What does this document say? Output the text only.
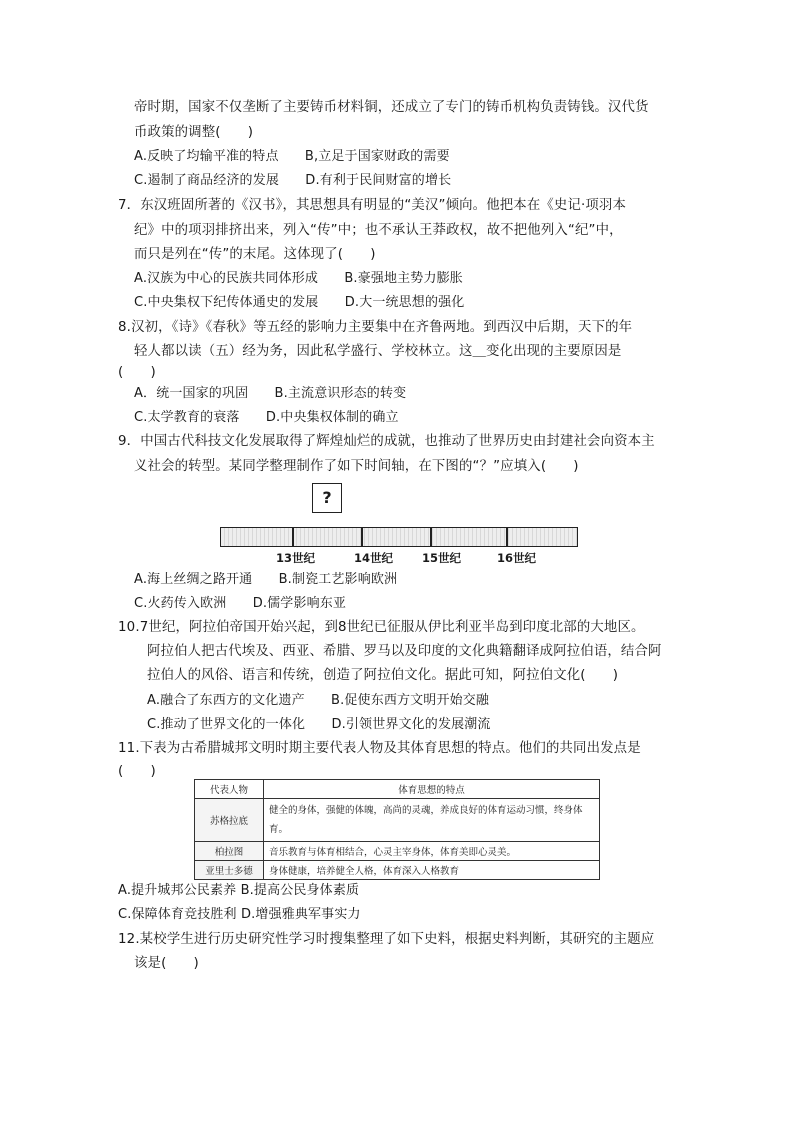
帝时期，国家不仅垄断了主要铸币材料铜，还成立了专门的铸币机构负责铸钱。汉代货
币政策的调整(　　)
A.反映了均输平准的特点　　B,立足于国家财政的需要
C.遏制了商品经济的发展　　D.有利于民间财富的增长
7．东汉班固所著的《汉书》，其思想具有明显的“美汉”倾向。他把本在《史记·项羽本
纪》中的项羽排挤出来，列入“传”中；也不承认王莽政权，故不把他列入“纪”中，
而只是列在“传”的末尾。这体现了(　　)
A.汉族为中心的民族共同体形成　　B.豪强地主势力膨胀
C.中央集权下纪传体通史的发展　　D.大一统思想的强化
8.汉初，《诗》《春秋》等五经的影响力主要集中在齐鲁两地。到西汉中后期，天下的年
轻人都以读（五）经为务，因此私学盛行、学校林立。这＿变化出现的主要原因是
(　　)
A．统一国家的巩固　　B.主流意识形态的转变
C.太学教育的衰落　　D.中央集权体制的确立
9．中国古代科技文化发展取得了辉煌灿烂的成就，也推动了世界历史由封建社会向资本主
义社会的转型。某同学整理制作了如下时间轴，在下图的“？”应填入(　　)
?
13世纪	14世纪	15世纪	16世纪
A.海上丝绸之路开通　　B.制瓷工艺影响欧洲
C.火药传入欧洲　　D.儒学影响东亚
10.7世纪，阿拉伯帝国开始兴起，到8世纪已征服从伊比利亚半岛到印度北部的大地区。
阿拉伯人把古代埃及、西亚、希腊、罗马以及印度的文化典籍翻译成阿拉伯语，结合阿
拉伯人的风俗、语言和传统，创造了阿拉伯文化。据此可知，阿拉伯文化(　　)
A.融合了东西方的文化遗产　　B.促使东西方文明开始交融
C.推动了世界文化的一体化　　D.引领世界文化的发展潮流
11.下表为古希腊城邦文明时期主要代表人物及其体育思想的特点。他们的共同出发点是
(　　)
代表人物	体育思想的特点
苏格拉底	健全的身体，强健的体魄，高尚的灵魂，养成良好的体育运动习惯，终身体育。
柏拉图	音乐教育与体育相结合，心灵主宰身体，体育美即心灵美。
亚里士多德	身体健康，培养健全人格，体育深入人格教育
A.提升城邦公民素养 B.提高公民身体素质
C.保障体育竞技胜利 D.增强雅典军事实力
12.某校学生进行历史研究性学习时搜集整理了如下史料，根据史料判断，其研究的主题应
该是(　　)
